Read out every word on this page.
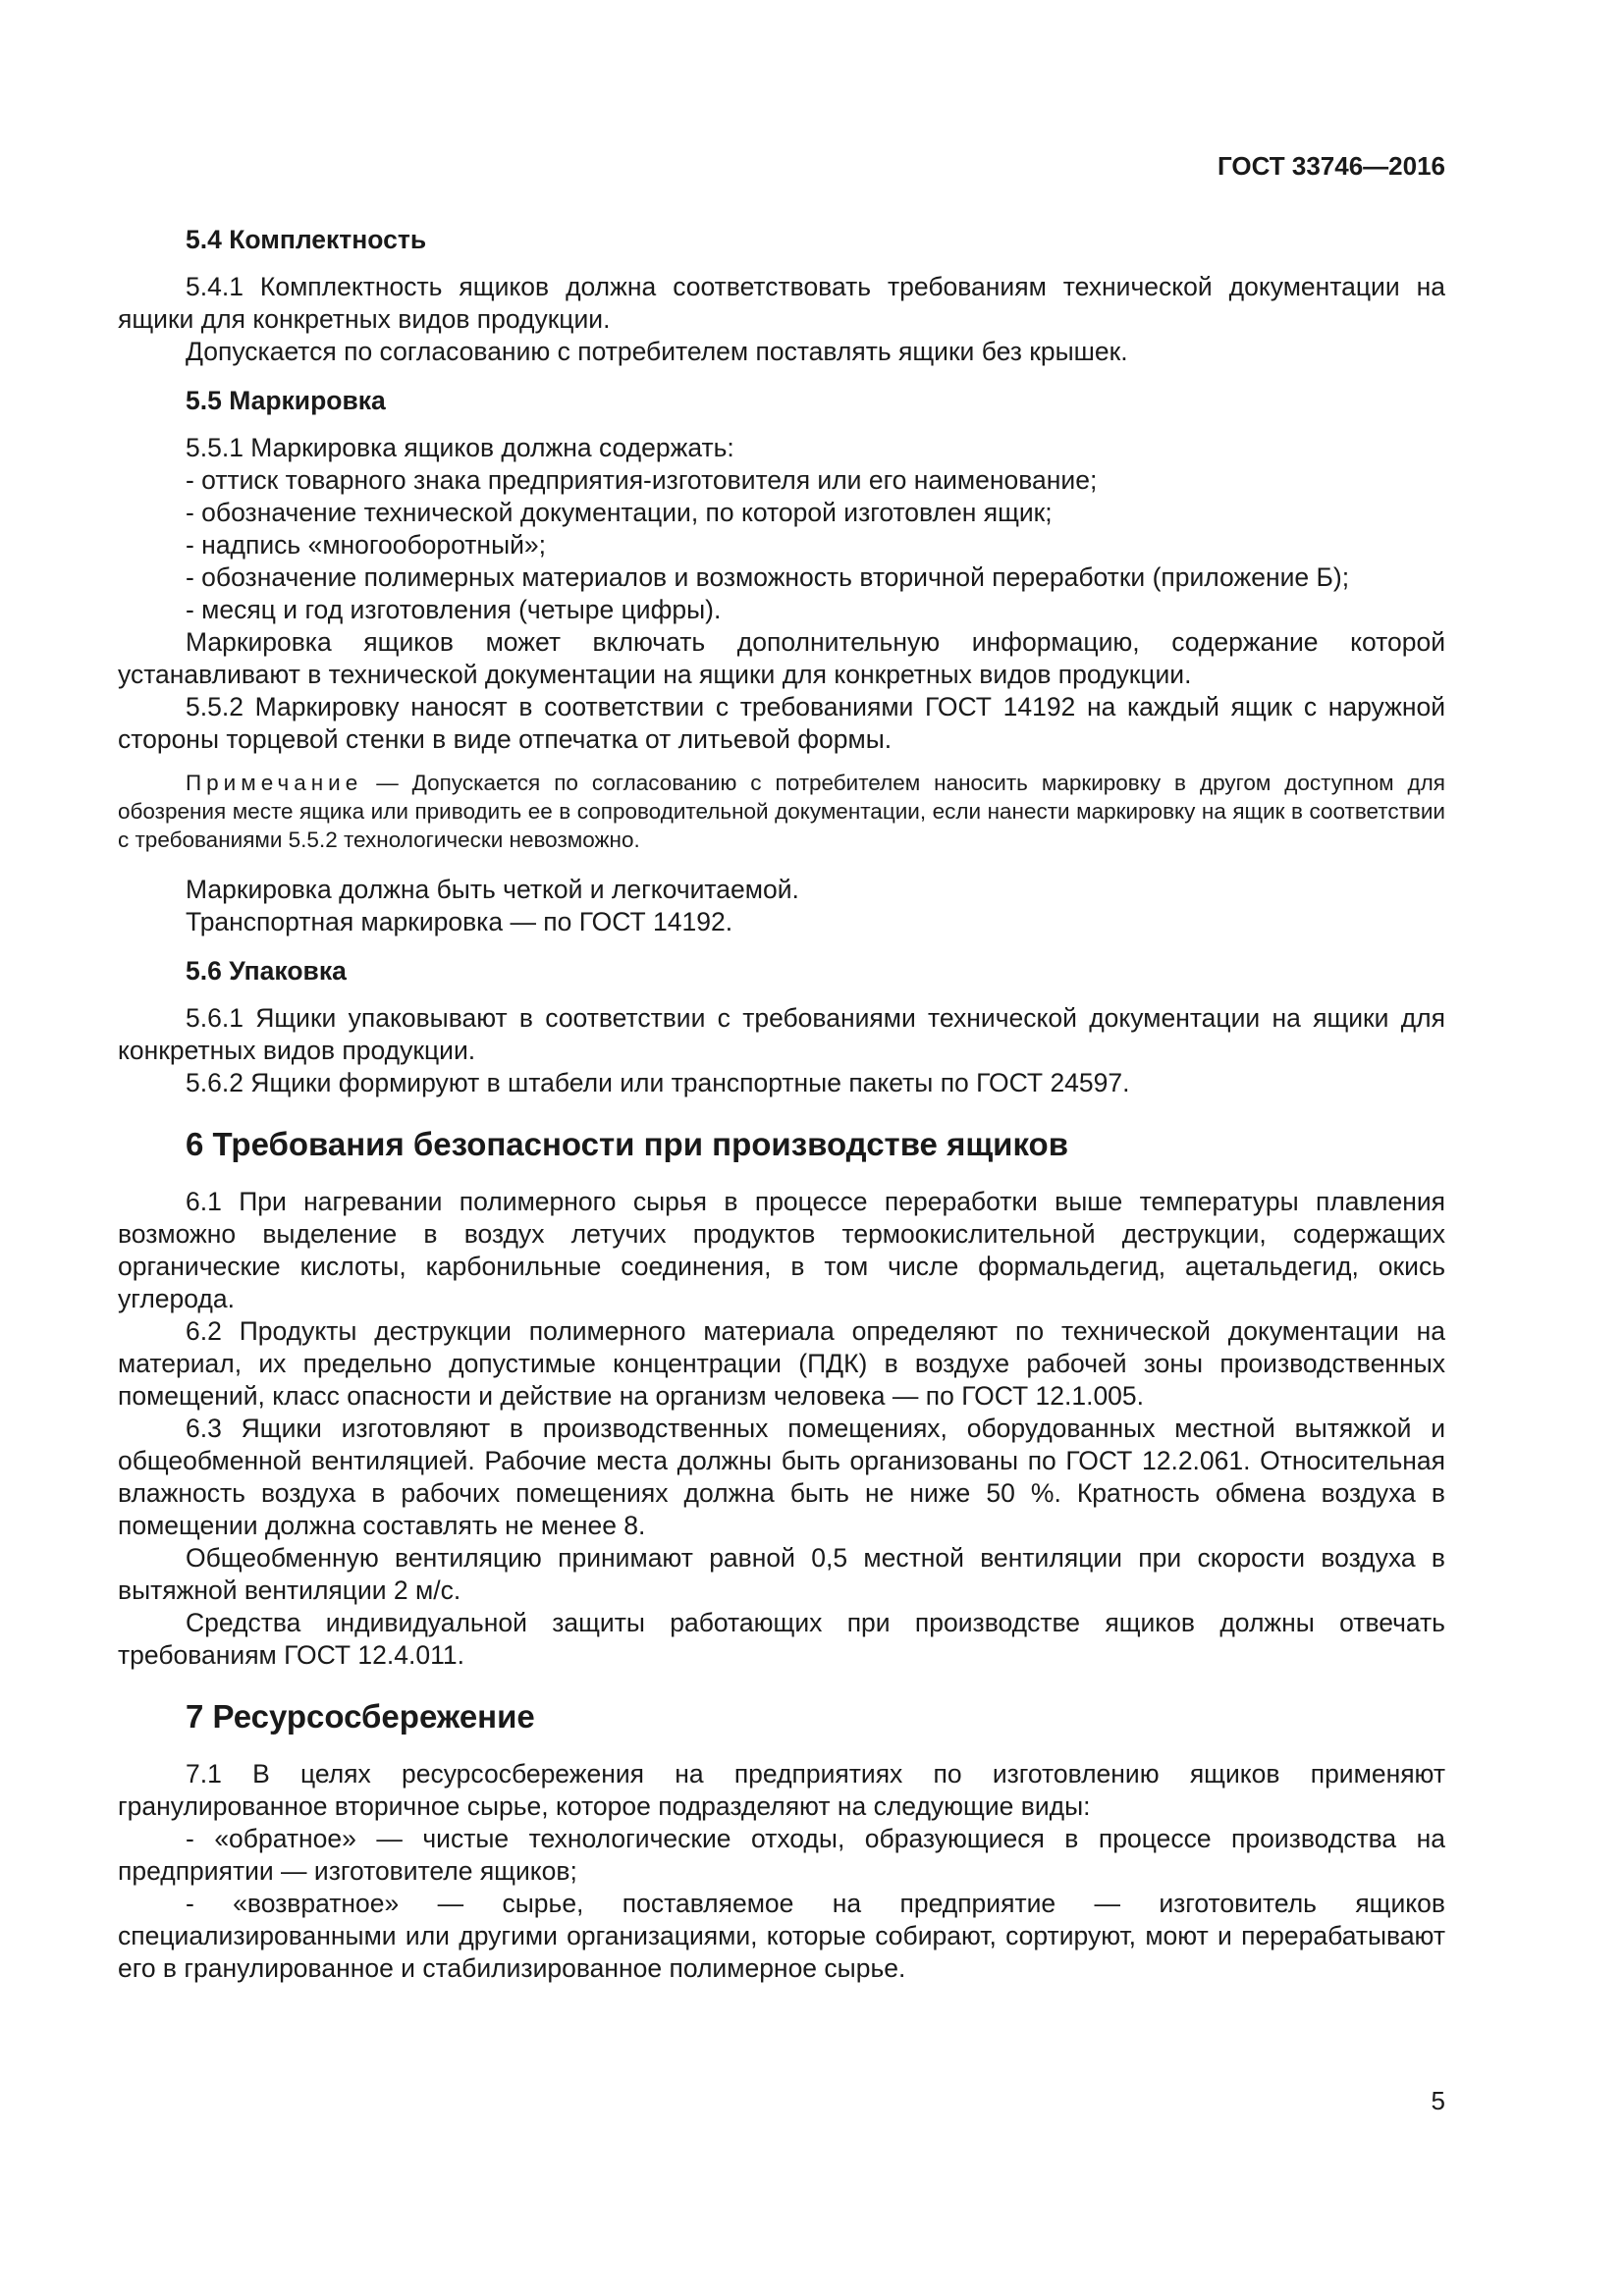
ГОСТ 33746—2016
5.4 Комплектность

5.4.1 Комплектность ящиков должна соответствовать требованиям технической документации на ящики для конкретных видов продукции.

Допускается по согласованию с потребителем поставлять ящики без крышек.

5.5 Маркировка

5.5.1 Маркировка ящиков должна содержать:

- оттиск товарного знака предприятия-изготовителя или его наименование;

- обозначение технической документации, по которой изготовлен ящик;

- надпись «многооборотный»;

- обозначение полимерных материалов и возможность вторичной переработки (приложение Б);

- месяц и год изготовления (четыре цифры).

Маркировка ящиков может включать дополнительную информацию, содержание которой устанавливают в технической документации на ящики для конкретных видов продукции.

5.5.2 Маркировку наносят в соответствии с требованиями ГОСТ 14192 на каждый ящик с наружной стороны торцевой стенки в виде отпечатка от литьевой формы.

Примечание — Допускается по согласованию с потребителем наносить маркировку в другом доступном для обозрения месте ящика или приводить ее в сопроводительной документации, если нанести маркировку на ящик в соответствии с требованиями 5.5.2 технологически невозможно.

Маркировка должна быть четкой и легкочитаемой.

Транспортная маркировка — по ГОСТ 14192.

5.6 Упаковка

5.6.1 Ящики упаковывают в соответствии с требованиями технической документации на ящики для конкретных видов продукции.

5.6.2 Ящики формируют в штабели или транспортные пакеты по ГОСТ 24597.

6 Требования безопасности при производстве ящиков

6.1 При нагревании полимерного сырья в процессе переработки выше температуры плавления возможно выделение в воздух летучих продуктов термоокислительной деструкции, содержащих органические кислоты, карбонильные соединения, в том числе формальдегид, ацетальдегид, окись углерода.

6.2 Продукты деструкции полимерного материала определяют по технической документации на материал, их предельно допустимые концентрации (ПДК) в воздухе рабочей зоны производственных помещений, класс опасности и действие на организм человека — по ГОСТ 12.1.005.

6.3 Ящики изготовляют в производственных помещениях, оборудованных местной вытяжкой и общеобменной вентиляцией. Рабочие места должны быть организованы по ГОСТ 12.2.061. Относительная влажность воздуха в рабочих помещениях должна быть не ниже 50 %. Кратность обмена воздуха в помещении должна составлять не менее 8.

Общеобменную вентиляцию принимают равной 0,5 местной вентиляции при скорости воздуха в вытяжной вентиляции 2 м/с.

Средства индивидуальной защиты работающих при производстве ящиков должны отвечать требованиям ГОСТ 12.4.011.

7 Ресурсосбережение

7.1 В целях ресурсосбережения на предприятиях по изготовлению ящиков применяют гранулированное вторичное сырье, которое подразделяют на следующие виды:

- «обратное» — чистые технологические отходы, образующиеся в процессе производства на предприятии — изготовителе ящиков;

- «возвратное» — сырье, поставляемое на предприятие — изготовитель ящиков специализированными или другими организациями, которые собирают, сортируют, моют и перерабатывают его в гранулированное и стабилизированное полимерное сырье.

5
